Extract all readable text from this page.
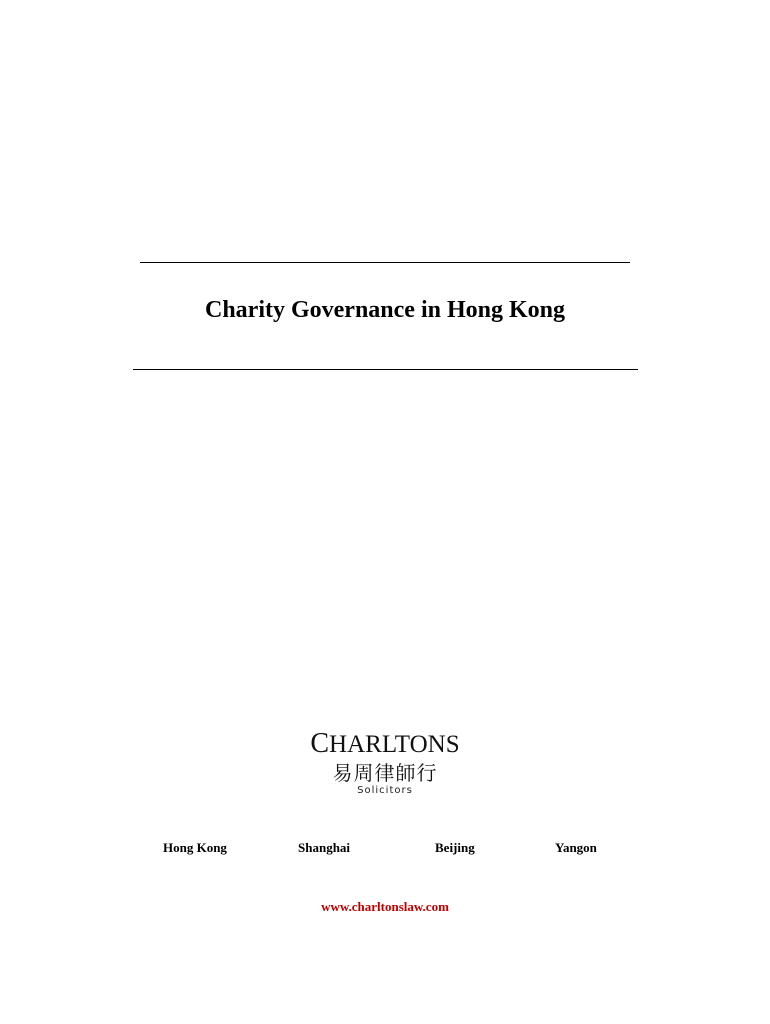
Charity Governance in Hong Kong
CHARLTONS
易周律師行
Solicitors
Hong Kong	Shanghai	Beijing	Yangon
www.charltonslaw.com
